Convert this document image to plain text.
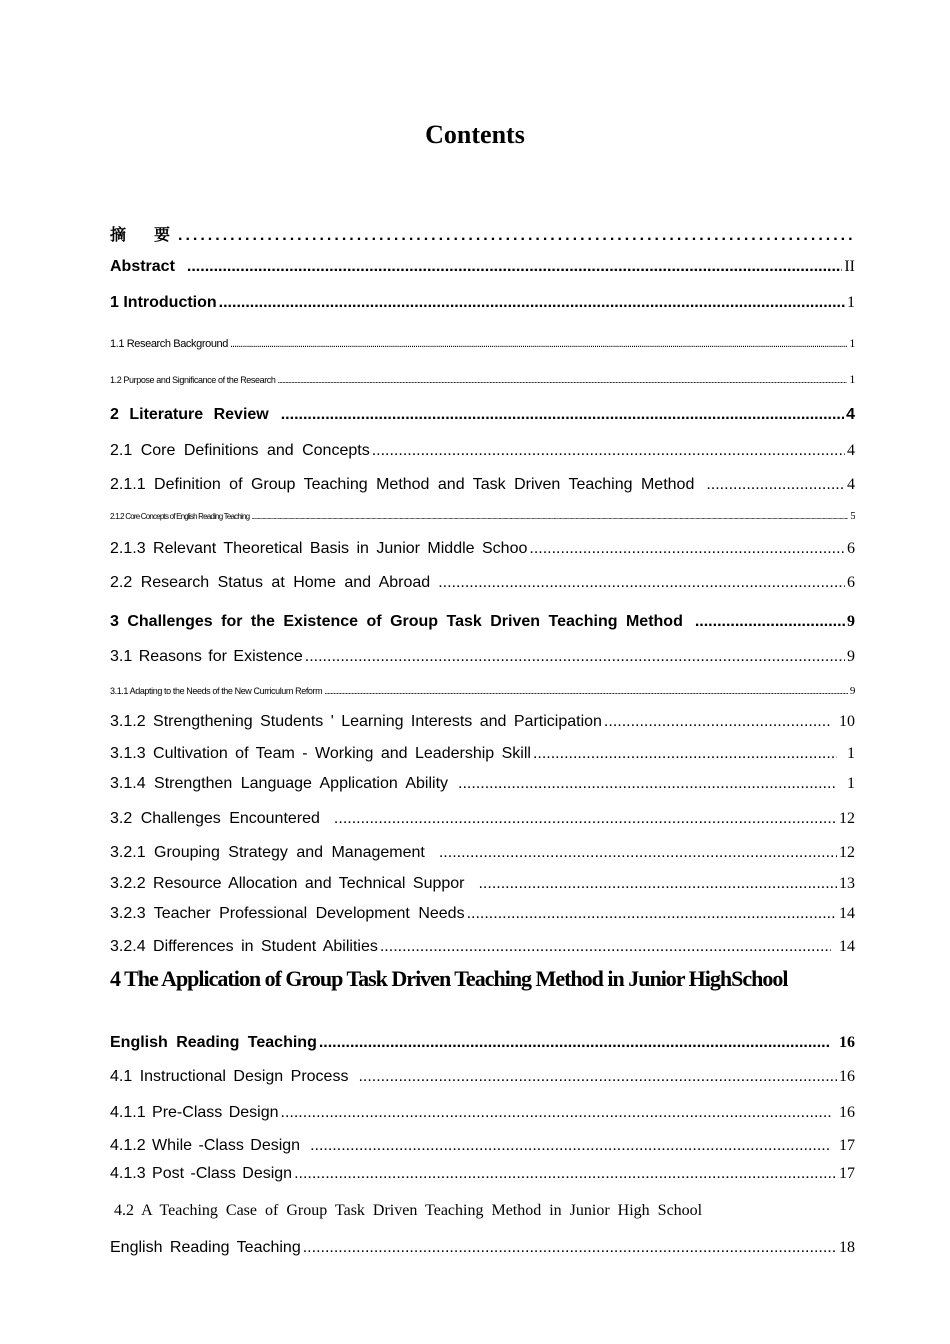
Contents
摘　要
.....
Abstract .....	II
1 Introduction .....	1
1.1 Research Background .....	1
1.2 Purpose and Significance of the Research .....	1
2 Literature Review .....	4
2.1 Core Definitions and Concepts .....	4
2.1.1 Definition of Group Teaching Method and Task Driven Teaching Method .....	4
2.1.2 Core Concepts of English Reading Teaching .....	5
2.1.3 Relevant Theoretical Basis in Junior Middle Schoo .....	6
2.2 Research Status at Home and Abroad .....	6
3 Challenges for the Existence of Group Task Driven Teaching Method .....	9
3.1 Reasons for Existence .....	9
3.1.1 Adapting to the Needs of the New Curriculum Reform .....	9
3.1.2 Strengthening Students ' Learning Interests and Participation .....	10
3.1.3 Cultivation of Team - Working and Leadership Skill .....	1
3.1.4 Strengthen Language Application Ability .....	1
3.2 Challenges Encountered .....	12
3.2.1 Grouping Strategy and Management .....	12
3.2.2 Resource Allocation and Technical Suppor .....	13
3.2.3 Teacher Professional Development Needs .....	14
3.2.4 Differences in Student Abilities .....	14
4 The Application of Group Task Driven Teaching Method in Junior HighSchool
English Reading Teaching .....	16
4.1 Instructional Design Process .....	16
4.1.1 Pre-Class Design .....	16
4.1.2 While -Class Design .....	17
4.1.3 Post -Class Design .....	17
4.2 A Teaching Case of Group Task Driven Teaching Method in Junior High School
English Reading Teaching .....	18
